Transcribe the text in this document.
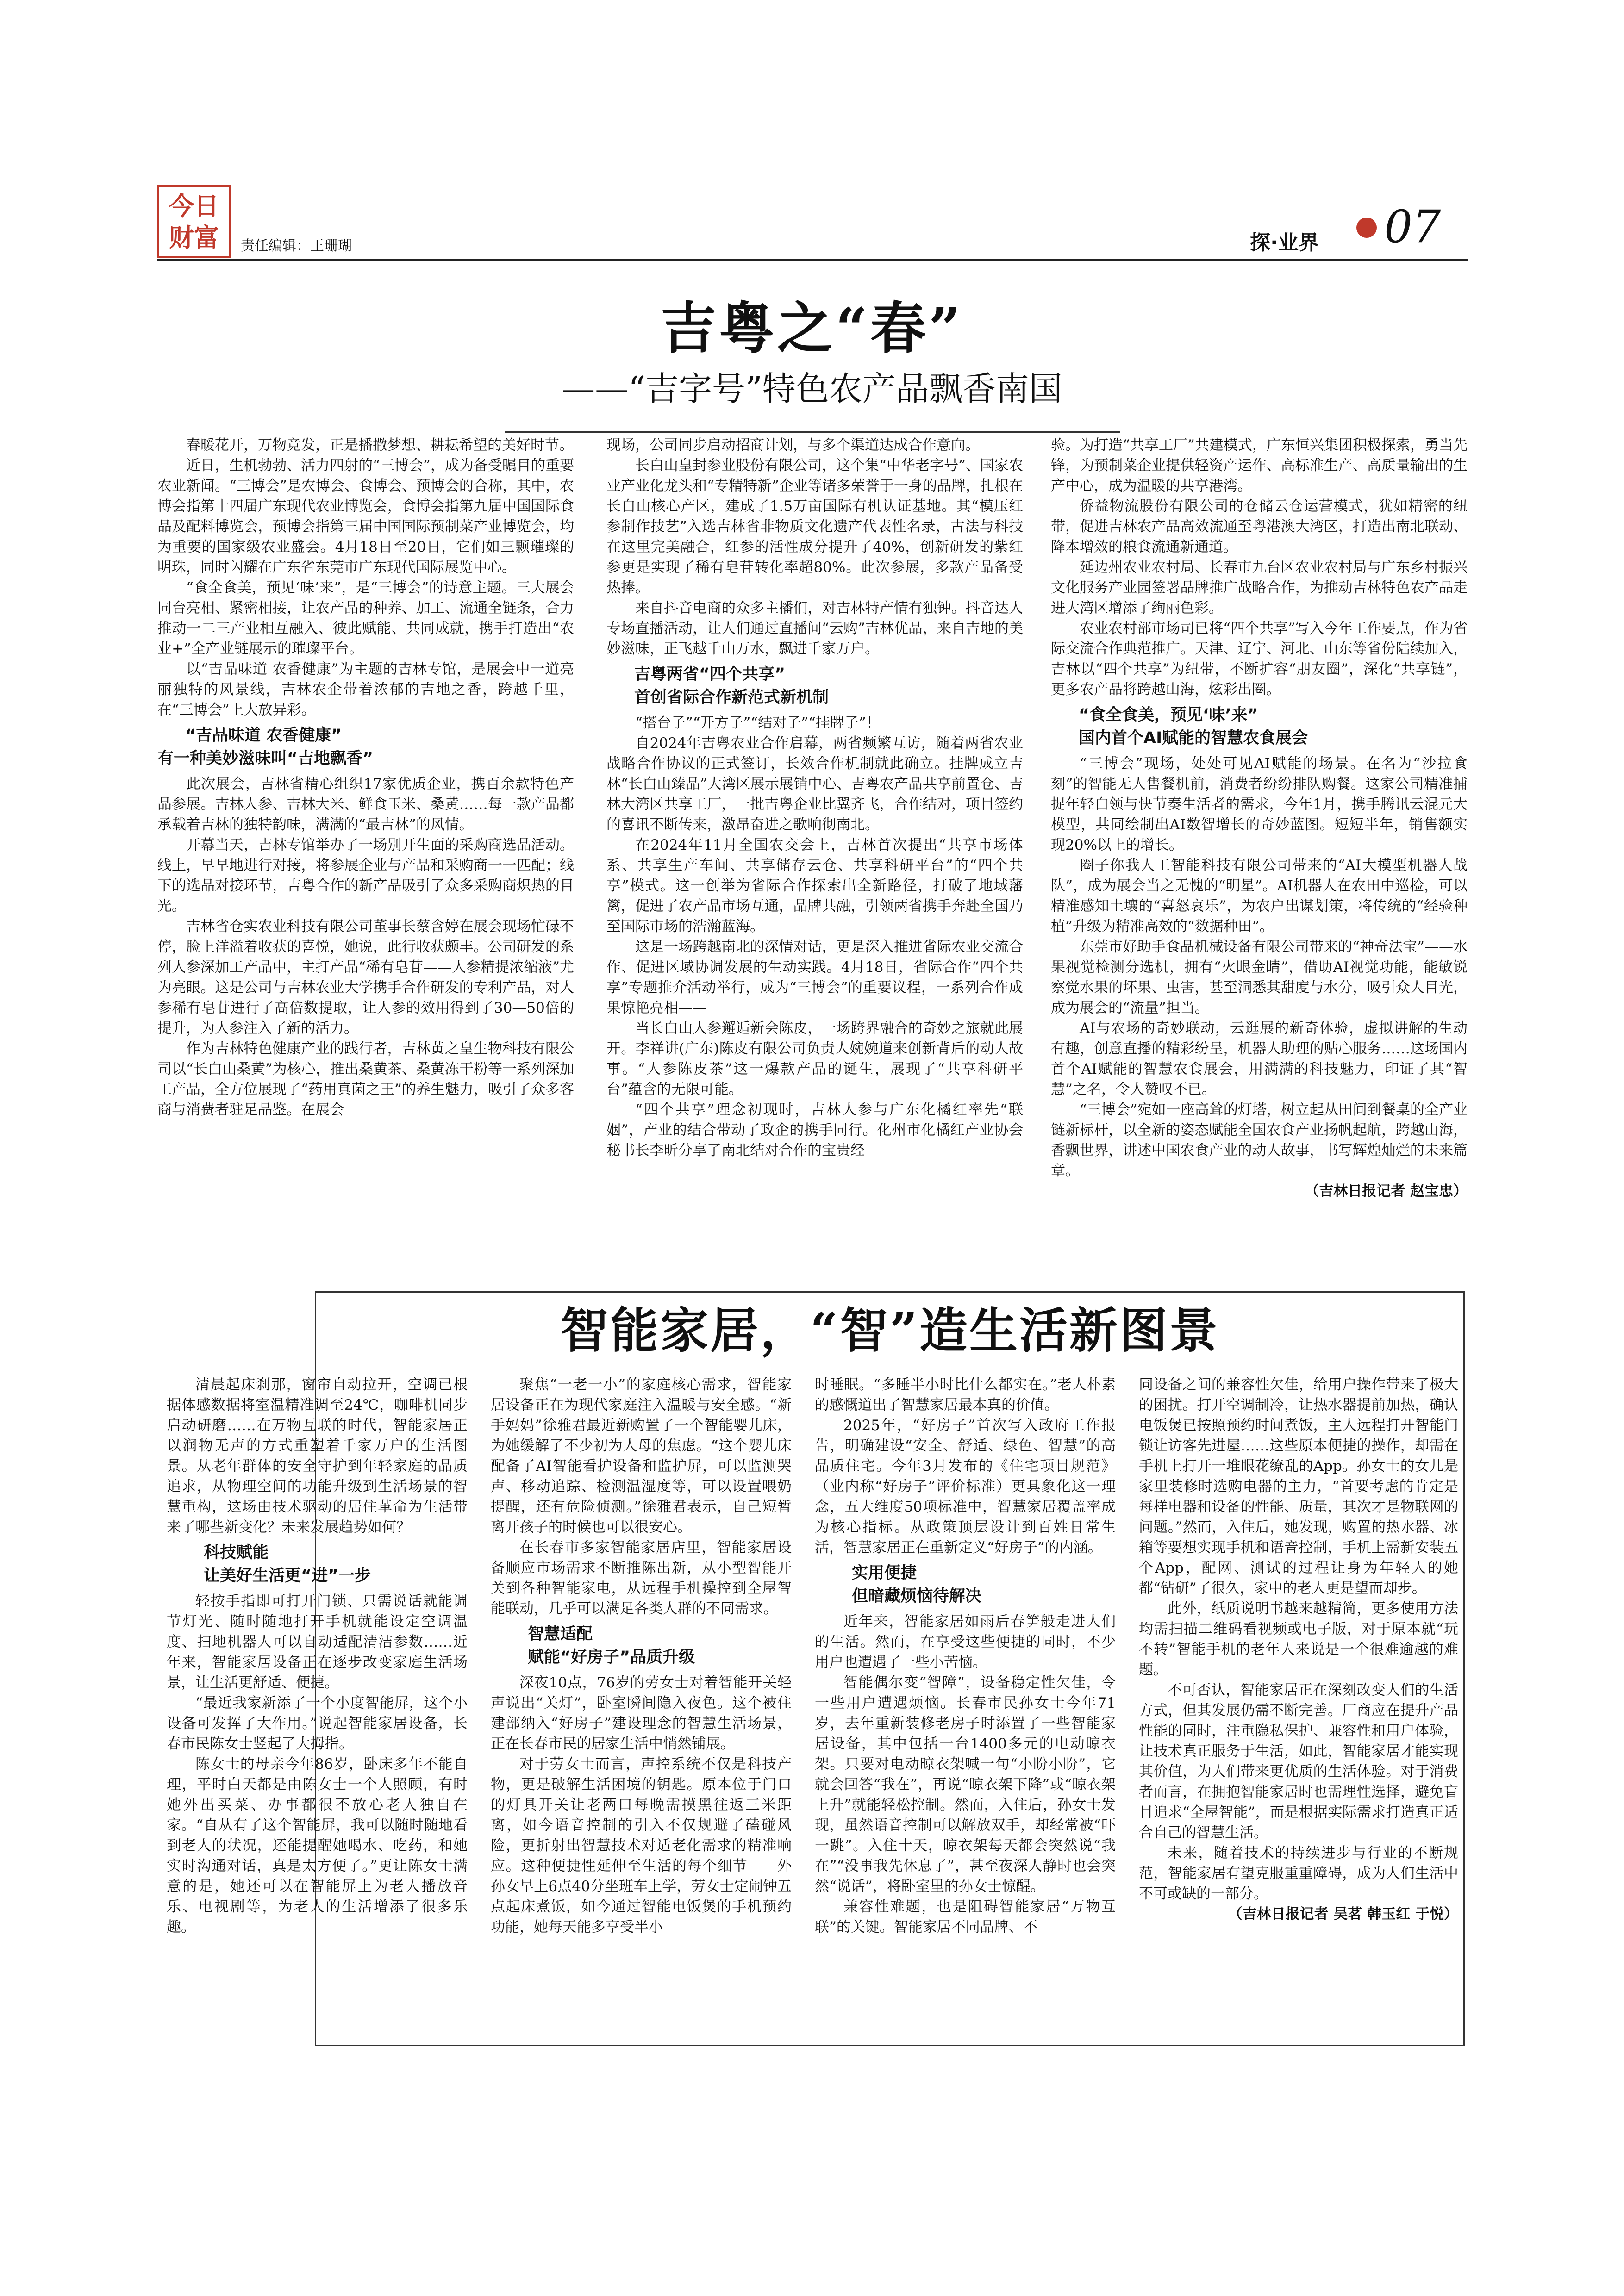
今日
财富	责任编辑：王珊瑚	探·业界 07
吉粤之“春”
——“吉字号”特色农产品飘香南国

春暖花开，万物竞发，正是播撒梦想、耕耘希望的美好时节。

近日，生机勃勃、活力四射的“三博会”，成为备受瞩目的重要农业新闻。“三博会”是农博会、食博会、预博会的合称，其中，农博会指第十四届广东现代农业博览会，食博会指第九届中国国际食品及配料博览会，预博会指第三届中国国际预制菜产业博览会，均为重要的国家级农业盛会。4月18日至20日，它们如三颗璀璨的明珠，同时闪耀在广东省东莞市广东现代国际展览中心。

“食全食美，预见‘味’来”，是“三博会”的诗意主题。三大展会同台亮相、紧密相接，让农产品的种养、加工、流通全链条，合力推动一二三产业相互融入、彼此赋能、共同成就，携手打造出“农业+”全产业链展示的璀璨平台。

以“吉品味道 农香健康”为主题的吉林专馆，是展会中一道亮丽独特的风景线，吉林农企带着浓郁的吉地之香，跨越千里，在“三博会”上大放异彩。

“吉品味道 农香健康”

有一种美妙滋味叫“吉地飘香”

此次展会，吉林省精心组织17家优质企业，携百余款特色产品参展。吉林人参、吉林大米、鲜食玉米、桑黄……每一款产品都承载着吉林的独特韵味，满满的“最吉林”的风情。

开幕当天，吉林专馆举办了一场别开生面的采购商选品活动。线上，早早地进行对接，将参展企业与产品和采购商一一匹配；线下的选品对接环节，吉粤合作的新产品吸引了众多采购商炽热的目光。

吉林省仓实农业科技有限公司董事长蔡含婷在展会现场忙碌不停，脸上洋溢着收获的喜悦，她说，此行收获颇丰。公司研发的系列人参深加工产品中，主打产品“稀有皂苷——人参精提浓缩液”尤为亮眼。这是公司与吉林农业大学携手合作研发的专利产品，对人参稀有皂苷进行了高倍数提取，让人参的效用得到了30—50倍的提升，为人参注入了新的活力。

作为吉林特色健康产业的践行者，吉林黄之皇生物科技有限公司以“长白山桑黄”为核心，推出桑黄茶、桑黄冻干粉等一系列深加工产品，全方位展现了“药用真菌之王”的养生魅力，吸引了众多客商与消费者驻足品鉴。在展会

现场，公司同步启动招商计划，与多个渠道达成合作意向。

长白山皇封参业股份有限公司，这个集“中华老字号”、国家农业产业化龙头和“专精特新”企业等诸多荣誉于一身的品牌，扎根在长白山核心产区，建成了1.5万亩国际有机认证基地。其“模压红参制作技艺”入选吉林省非物质文化遗产代表性名录，古法与科技在这里完美融合，红参的活性成分提升了40%，创新研发的紫红参更是实现了稀有皂苷转化率超80%。此次参展，多款产品备受热捧。

来自抖音电商的众多主播们，对吉林特产情有独钟。抖音达人专场直播活动，让人们通过直播间“云购”吉林优品，来自吉地的美妙滋味，正飞越千山万水，飘进千家万户。

吉粤两省“四个共享”

首创省际合作新范式新机制

“搭台子”“开方子”“结对子”“挂牌子”！

自2024年吉粤农业合作启幕，两省频繁互访，随着两省农业战略合作协议的正式签订，长效合作机制就此确立。挂牌成立吉林“长白山臻品”大湾区展示展销中心、吉粤农产品共享前置仓、吉林大湾区共享工厂，一批吉粤企业比翼齐飞，合作结对，项目签约的喜讯不断传来，激昂奋进之歌响彻南北。

在2024年11月全国农交会上，吉林首次提出“共享市场体系、共享生产车间、共享储存云仓、共享科研平台”的“四个共享”模式。这一创举为省际合作探索出全新路径，打破了地域藩篱，促进了农产品市场互通，品牌共融，引领两省携手奔赴全国乃至国际市场的浩瀚蓝海。

这是一场跨越南北的深情对话，更是深入推进省际农业交流合作、促进区域协调发展的生动实践。4月18日，省际合作“四个共享”专题推介活动举行，成为“三博会”的重要议程，一系列合作成果惊艳亮相——

当长白山人参邂逅新会陈皮，一场跨界融合的奇妙之旅就此展开。李祥讲(广东)陈皮有限公司负责人婉婉道来创新背后的动人故事。“人参陈皮茶”这一爆款产品的诞生，展现了“共享科研平台”蕴含的无限可能。

“四个共享”理念初现时，吉林人参与广东化橘红率先“联姻”，产业的结合带动了政企的携手同行。化州市化橘红产业协会秘书长李昕分享了南北结对合作的宝贵经

验。为打造“共享工厂”共建模式，广东恒兴集团积极探索，勇当先锋，为预制菜企业提供轻资产运作、高标准生产、高质量输出的生产中心，成为温暖的共享港湾。

侨益物流股份有限公司的仓储云仓运营模式，犹如精密的纽带，促进吉林农产品高效流通至粤港澳大湾区，打造出南北联动、降本增效的粮食流通新通道。

延边州农业农村局、长春市九台区农业农村局与广东乡村振兴文化服务产业园签署品牌推广战略合作，为推动吉林特色农产品走进大湾区增添了绚丽色彩。

农业农村部市场司已将“四个共享”写入今年工作要点，作为省际交流合作典范推广。天津、辽宁、河北、山东等省份陆续加入，吉林以“四个共享”为纽带，不断扩容“朋友圈”，深化“共享链”，更多农产品将跨越山海，炫彩出圈。

“食全食美，预见‘味’来”

国内首个AI赋能的智慧农食展会

“三博会”现场，处处可见AI赋能的场景。在名为“沙拉食刻”的智能无人售餐机前，消费者纷纷排队购餐。这家公司精准捕捉年轻白领与快节奏生活者的需求，今年1月，携手腾讯云混元大模型，共同绘制出AI数智增长的奇妙蓝图。短短半年，销售额实现20%以上的增长。

圈子你我人工智能科技有限公司带来的“AI大模型机器人战队”，成为展会当之无愧的“明星”。AI机器人在农田中巡检，可以精准感知土壤的“喜怒哀乐”，为农户出谋划策，将传统的“经验种植”升级为精准高效的“数据种田”。

东莞市好助手食品机械设备有限公司带来的“神奇法宝”——水果视觉检测分选机，拥有“火眼金睛”，借助AI视觉功能，能敏锐察觉水果的坏果、虫害，甚至洞悉其甜度与水分，吸引众人目光，成为展会的“流量”担当。

AI与农场的奇妙联动，云逛展的新奇体验，虚拟讲解的生动有趣，创意直播的精彩纷呈，机器人助理的贴心服务……这场国内首个AI赋能的智慧农食展会，用满满的科技魅力，印证了其“智慧”之名，令人赞叹不已。

“三博会”宛如一座高耸的灯塔，树立起从田间到餐桌的全产业链新标杆，以全新的姿态赋能全国农食产业扬帆起航，跨越山海，香飘世界，讲述中国农食产业的动人故事，书写辉煌灿烂的未来篇章。

（吉林日报记者 赵宝忠）

智能家居，“智”造生活新图景

清晨起床刹那，窗帘自动拉开，空调已根据体感数据将室温精准调至24℃，咖啡机同步启动研磨……在万物互联的时代，智能家居正以润物无声的方式重塑着千家万户的生活图景。从老年群体的安全守护到年轻家庭的品质追求，从物理空间的功能升级到生活场景的智慧重构，这场由技术驱动的居住革命为生活带来了哪些新变化？未来发展趋势如何？

科技赋能

让美好生活更“进”一步

轻按手指即可打开门锁、只需说话就能调节灯光、随时随地打开手机就能设定空调温度、扫地机器人可以自动适配清洁参数……近年来，智能家居设备正在逐步改变家庭生活场景，让生活更舒适、便捷。

“最近我家新添了一个小度智能屏，这个小设备可发挥了大作用。”说起智能家居设备，长春市民陈女士竖起了大拇指。

陈女士的母亲今年86岁，卧床多年不能自理，平时白天都是由陈女士一个人照顾，有时她外出买菜、办事都很不放心老人独自在家。“自从有了这个智能屏，我可以随时随地看到老人的状况，还能提醒她喝水、吃药，和她实时沟通对话，真是太方便了。”更让陈女士满意的是，她还可以在智能屏上为老人播放音乐、电视剧等，为老人的生活增添了很多乐趣。

聚焦“一老一小”的家庭核心需求，智能家居设备正在为现代家庭注入温暖与安全感。“新手妈妈”徐雅君最近新购置了一个智能婴儿床，为她缓解了不少初为人母的焦虑。“这个婴儿床配备了AI智能看护设备和监护屏，可以监测哭声、移动追踪、检测温湿度等，可以设置喂奶提醒，还有危险侦测。”徐雅君表示，自己短暂离开孩子的时候也可以很安心。

在长春市多家智能家居店里，智能家居设备顺应市场需求不断推陈出新，从小型智能开关到各种智能家电，从远程手机操控到全屋智能联动，几乎可以满足各类人群的不同需求。

智慧适配

赋能“好房子”品质升级

深夜10点，76岁的劳女士对着智能开关轻声说出“关灯”，卧室瞬间隐入夜色。这个被住建部纳入“好房子”建设理念的智慧生活场景，正在长春市民的居家生活中悄然铺展。

对于劳女士而言，声控系统不仅是科技产物，更是破解生活困境的钥匙。原本位于门口的灯具开关让老两口每晚需摸黑往返三米距离，如今语音控制的引入不仅规避了磕碰风险，更折射出智慧技术对适老化需求的精准响应。这种便捷性延伸至生活的每个细节——外孙女早上6点40分坐班车上学，劳女士定闹钟五点起床煮饭，如今通过智能电饭煲的手机预约功能，她每天能多享受半小

时睡眠。“多睡半小时比什么都实在。”老人朴素的感慨道出了智慧家居最本真的价值。

2025年，“好房子”首次写入政府工作报告，明确建设“安全、舒适、绿色、智慧”的高品质住宅。今年3月发布的《住宅项目规范》（业内称“好房子”评价标准）更具象化这一理念，五大维度50项标准中，智慧家居覆盖率成为核心指标。从政策顶层设计到百姓日常生活，智慧家居正在重新定义“好房子”的内涵。

实用便捷

但暗藏烦恼待解决

近年来，智能家居如雨后春笋般走进人们的生活。然而，在享受这些便捷的同时，不少用户也遭遇了一些小苦恼。

智能偶尔变“智障”，设备稳定性欠佳，令一些用户遭遇烦恼。长春市民孙女士今年71岁，去年重新装修老房子时添置了一些智能家居设备，其中包括一台1400多元的电动晾衣架。只要对电动晾衣架喊一句“小盼小盼”，它就会回答“我在”，再说“晾衣架下降”或“晾衣架上升”就能轻松控制。然而，入住后，孙女士发现，虽然语音控制可以解放双手，却经常被“吓一跳”。入住十天，晾衣架每天都会突然说“我在”“没事我先休息了”，甚至夜深人静时也会突然“说话”，将卧室里的孙女士惊醒。

兼容性难题，也是阻碍智能家居“万物互联”的关键。智能家居不同品牌、不

同设备之间的兼容性欠佳，给用户操作带来了极大的困扰。打开空调制冷，让热水器提前加热，确认电饭煲已按照预约时间煮饭，主人远程打开智能门锁让访客先进屋……这些原本便捷的操作，却需在手机上打开一堆眼花缭乱的App。孙女士的女儿是家里装修时选购电器的主力，“首要考虑的肯定是每样电器和设备的性能、质量，其次才是物联网的问题。”然而，入住后，她发现，购置的热水器、冰箱等要想实现手机和语音控制，手机上需新安装五个App，配网、测试的过程让身为年轻人的她都“钻研”了很久，家中的老人更是望而却步。

此外，纸质说明书越来越精简，更多使用方法均需扫描二维码看视频或电子版，对于原本就“玩不转”智能手机的老年人来说是一个很难逾越的难题。

不可否认，智能家居正在深刻改变人们的生活方式，但其发展仍需不断完善。厂商应在提升产品性能的同时，注重隐私保护、兼容性和用户体验，让技术真正服务于生活，如此，智能家居才能实现其价值，为人们带来更优质的生活体验。对于消费者而言，在拥抱智能家居时也需理性选择，避免盲目追求“全屋智能”，而是根据实际需求打造真正适合自己的智慧生活。

未来，随着技术的持续进步与行业的不断规范，智能家居有望克服重重障碍，成为人们生活中不可或缺的一部分。

（吉林日报记者 吴茗 韩玉红 于悦）
